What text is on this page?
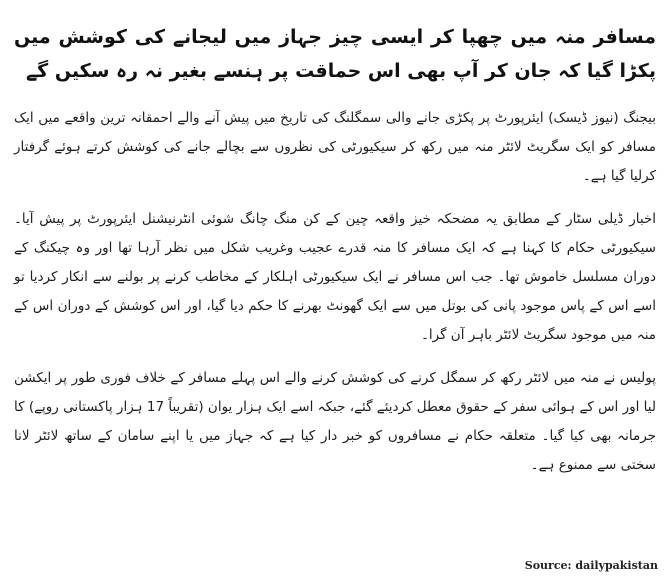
مسافر منہ میں چھپا کر ایسی چیز جہاز میں لیجانے کی کوشش میں پکڑا گیا کہ جان کر آپ بھی اس حماقت پر ہنسے بغیر نہ رہ سکیں گے

بیجنگ (نیوز ڈیسک) ایئرپورٹ پر پکڑی جانے والی سمگلنگ کی تاریخ میں پیش آنے والے احمقانہ ترین واقعے میں ایک مسافر کو ایک سگریٹ لائٹر منہ میں رکھ کر سیکیورٹی کی نظروں سے بچالے جانے کی کوشش کرتے ہوئے گرفتار کرلیا گیا ہے۔

اخبار ڈیلی سٹار کے مطابق یہ مضحکہ خیز واقعہ چین کے کن منگ چانگ شوئی انٹرنیشنل ایئرپورٹ پر پیش آیا۔ سیکیورٹی حکام کا کہنا ہے کہ ایک مسافر کا منہ قدرے عجیب وغریب شکل میں نظر آرہا تھا اور وہ چیکنگ کے دوران مسلسل خاموش تھا۔ جب اس مسافر نے ایک سیکیورٹی اہلکار کے مخاطب کرنے پر بولنے سے انکار کردیا تو اسے اس کے پاس موجود پانی کی بوتل میں سے ایک گھونٹ بھرنے کا حکم دیا گیا، اور اس کوشش کے دوران اس کے منہ میں موجود سگریٹ لائٹر باہر آن گرا۔

پولیس نے منہ میں لائٹر رکھ کر سمگل کرنے کی کوشش کرنے والے اس پہلے مسافر کے خلاف فوری طور پر ایکشن لیا اور اس کے ہوائی سفر کے حقوق معطل کردیئے گئے، جبکہ اسے ایک ہزار یوان (تقریباً 17 ہزار پاکستانی روپے) کا جرمانہ بھی کیا گیا۔ متعلقہ حکام نے مسافروں کو خبر دار کیا ہے کہ جہاز میں یا اپنے سامان کے ساتھ لائٹر لانا سختی سے ممنوع ہے۔

Source: dailypakistan
